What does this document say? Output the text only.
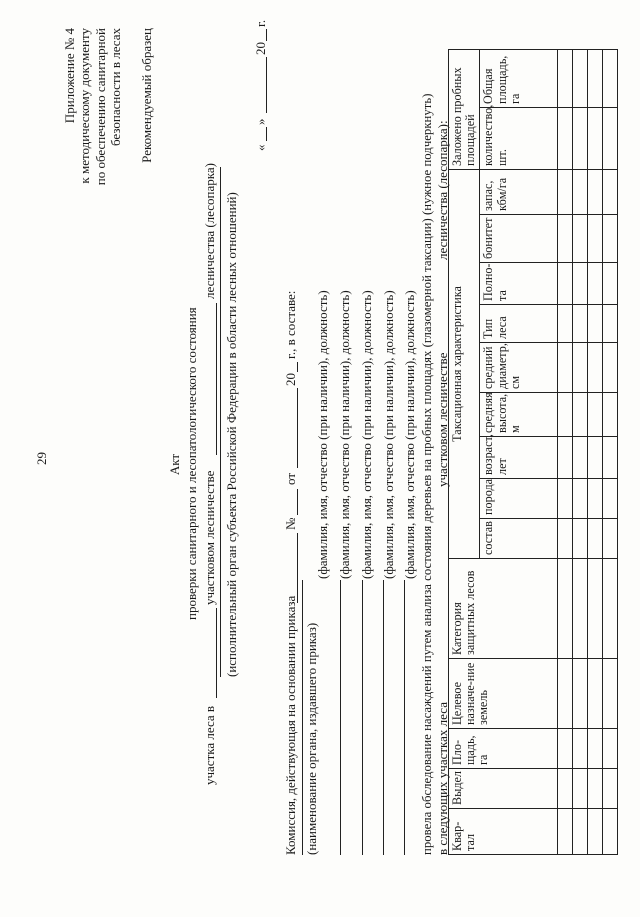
29
Приложение № 4 к методическому документу по обеспечению санитарной безопасности в лесах Рекомендуемый образец
Акт проверки санитарного и лесопатологического состояния
участка леса в
участковом лесничестве
лесничества (лесопарка) (исполнительный орган субъекта Российской Федерации в области лесных отношений)
«
»
20
г.
Комиссия, действующая на основании приказа
№
от
20
г., в составе:
(наименование органа, издавшего приказ)
(фамилия, имя, отчество (при наличии), должность) (фамилия, имя, отчество (при наличии), должность) (фамилия, имя, отчество (при наличии), должность) (фамилия, имя, отчество (при наличии), должность) (фамилия, имя, отчество (при наличии), должность) провела обследование насаждений путем анализа состояния деревьев на пробных площадях (глазомерной таксации) (нужное подчеркнуть) в следующих участках леса
участковом лесничестве
лесничества (лесопарка):
Квар-тал	Выдел	Пло-щадь, га	Целевое назначе-ние земель	Категория защитных лесов	Таксационная характеристика									Заложено пробных площадей	
					состав	порода	возраст, лет	средняя высота, м	средний диаметр, см	Тип леса	Полно-та	бонитет	запас, кбм/га	количество, шт.	Общая площадь, га
